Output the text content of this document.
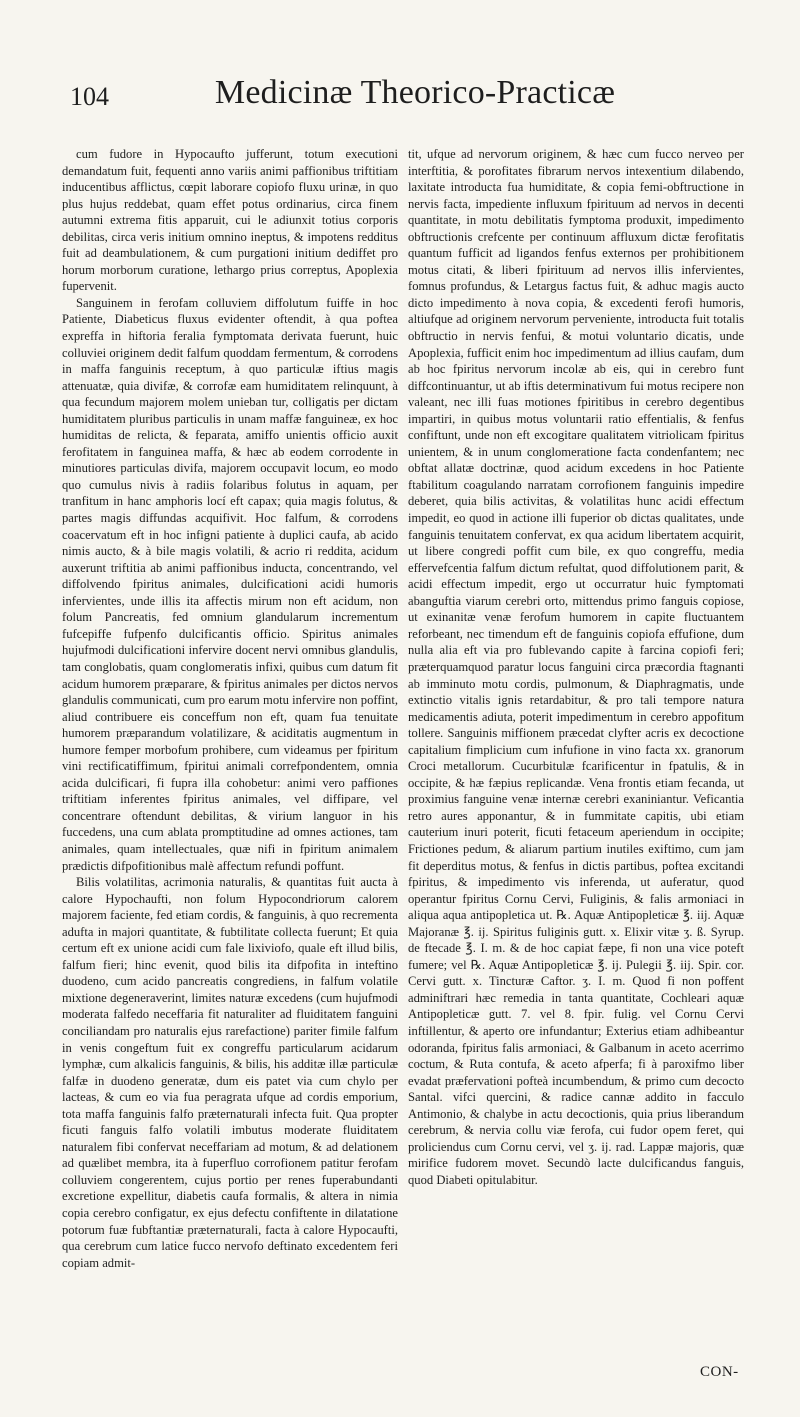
104	Medicinæ Theorico-Practicæ

cum fudore in Hypocaufto jufferunt, totum executioni demandatum fuit, fequenti anno variis animi paffionibus triftitiam inducentibus afflictus, cœpit laborare copiofo fluxu urinæ, in quo plus hujus reddebat, quam effet potus ordinarius, circa finem autumni extrema fitis apparuit, cui le adiunxit totius corporis debilitas, circa veris initium omnino ineptus, & impotens redditus fuit ad deambulationem, & cum purgationi initium dediffet pro horum morborum curatione, lethargo prius correptus, Apoplexia fupervenit.

Sanguinem in ferofam colluviem diffolutum fuiffe in hoc Patiente, Diabeticus fluxus evidenter oftendit, à qua poftea expreffa in hiftoria feralia fymptomata derivata fuerunt, huic colluviei originem dedit falfum quoddam fermentum, & corrodens in maffa fanguinis receptum, à quo particulæ iftius magis attenuatæ, quia divifæ, & corrofæ eam humiditatem relinquunt, à qua fecundum majorem molem unieban tur, colligatis per dictam humiditatem pluribus particulis in unam maffæ fanguineæ, ex hoc humiditas de relicta, & feparata, amiffo unientis officio auxit ferofitatem in fanguinea maffa, & hæc ab eodem corrodente in minutiores particulas divifa, majorem occupavit locum, eo modo quo cumulus nivis à radiis folaribus folutus in aquam, per tranfitum in hanc amphoris locí eft capax; quia magis folutus, & partes magis diffundas acquifivit. Hoc falfum, & corrodens coacervatum eft in hoc infigni patiente à duplici caufa, ab acido nimis aucto, & à bile magis volatili, & acrio ri reddita, acidum auxerunt triftitia ab animi paffionibus inducta, concentrando, vel diffolvendo fpiritus animales, dulcificationi acidi humoris infervientes, unde illis ita affectis mirum non eft acidum, non folum Pancreatis, fed omnium glandularum incrementum fufcepiffe fufpenfo dulcificantis officio. Spiritus animales hujufmodi dulcificationi infervire docent nervi omnibus glandulis, tam conglobatis, quam conglomeratis infixi, quibus cum datum fit acidum humorem præparare, & fpiritus animales per dictos nervos glandulis communicati, cum pro earum motu infervire non poffint, aliud contribuere eis conceffum non eft, quam fua tenuitate humorem præparandum volatilizare, & aciditatis augmentum in humore femper morbofum prohibere, cum videamus per fpiritum vini rectificatiffimum, fpiritui animali correfpondentem, omnia acida dulcificari, fi fupra illa cohobetur: animi vero paffiones triftitiam inferentes fpiritus animales, vel diffipare, vel concentrare oftendunt debilitas, & virium languor in his fuccedens, una cum ablata promptitudine ad omnes actiones, tam animales, quam intellectuales, quæ nifi in fpiritum animalem prædictis difpofitionibus malè affectum refundi poffunt.

Bilis volatilitas, acrimonia naturalis, & quantitas fuit aucta à calore Hypochaufti, non folum Hypocondriorum calorem majorem faciente, fed etiam cordis, & fanguinis, à quo recrementa adufta in majori quantitate, & fubtilitate collecta fuerunt; Et quia certum eft ex unione acidi cum fale lixiviofo, quale eft illud bilis, falfum fieri; hinc evenit, quod bilis ita difpofita in inteftino duodeno, cum acido pancreatis congrediens, in falfum volatile mixtione degeneraverint, limites naturæ excedens (cum hujufmodi moderata falfedo neceffaria fit naturaliter ad fluiditatem fanguini conciliandam pro naturalis ejus rarefactione) pariter fimile falfum in venis congeftum fuit ex congreffu particularum acidarum lymphæ, cum alkalicis fanguinis, & bilis, his additæ illæ particulæ falfæ in duodeno generatæ, dum eis patet via cum chylo per lacteas, & cum eo via fua peragrata ufque ad cordis emporium, tota maffa fanguinis falfo præternaturali infecta fuit. Qua propter ficuti fanguis falfo volatili imbutus moderate fluiditatem naturalem fibi confervat neceffariam ad motum, & ad delationem ad quælibet membra, ita à fuperfluo corrofionem patitur ferofam colluviem congerentem, cujus portio per renes fuperabundanti excretione expellitur, diabetis caufa formalis, & altera in nimia copia cerebro configatur, ex ejus defectu confiftente in dilatatione potorum fuæ fubftantiæ præternaturali, facta à calore Hypocaufti, qua cerebrum cum latice fucco nervofo deftinato excedentem feri copiam admit-

tit, ufque ad nervorum originem, & hæc cum fucco nerveo per interftitia, & porofitates fibrarum nervos intexentium dilabendo, laxitate introducta fua humiditate, & copia femi-obftructione in nervis facta, impediente influxum fpirituum ad nervos in decenti quantitate, in motu debilitatis fymptoma produxit, impedimento obftructionis crefcente per continuum affluxum dictæ ferofitatis quantum fufficit ad ligandos fenfus externos per prohibitionem motus citati, & liberi fpirituum ad nervos illis infervientes, fomnus profundus, & Letargus factus fuit, & adhuc magis aucto dicto impedimento à nova copia, & excedenti ferofi humoris, altiufque ad originem nervorum perveniente, introducta fuit totalis obftructio in nervis fenfui, & motui voluntario dicatis, unde Apoplexia, fufficit enim hoc impedimentum ad illius caufam, dum ab hoc fpiritus nervorum incolæ ab eis, qui in cerebro funt diffcontinuantur, ut ab iftis determinativum fui motus recipere non valeant, nec illi fuas motiones fpiritibus in cerebro degentibus impartiri, in quibus motus voluntarii ratio effentialis, & fenfus confiftunt, unde non eft excogitare qualitatem vitriolicam fpiritus unientem, & in unum conglomeratione facta condenfantem; nec obftat allatæ doctrinæ, quod acidum excedens in hoc Patiente ftabilitum coagulando narratam corrofionem fanguinis impedire deberet, quia bilis activitas, & volatilitas hunc acidi effectum impedit, eo quod in actione illi fuperior ob dictas qualitates, unde fanguinis tenuitatem confervat, ex qua acidum libertatem acquirit, ut libere congredi poffit cum bile, ex quo congreffu, media effervefcentia falfum dictum refultat, quod diffolutionem parit, & acidi effectum impedit, ergo ut occurratur huic fymptomati abanguftia viarum cerebri orto, mittendus primo fanguis copiose, ut exinanitæ venæ ferofum humorem in capite fluctuantem reforbeant, nec timendum eft de fanguinis copiofa effufione, dum nulla alia eft via pro fublevando capite à farcina copiofi feri; præterquamquod paratur locus fanguini circa præcordia ftagnanti ab imminuto motu cordis, pulmonum, & Diaphragmatis, unde extinctio vitalis ignis retardabitur, & pro tali tempore natura medicamentis adiuta, poterit impedimentum in cerebro appofitum tollere. Sanguinis miffionem præcedat clyfter acris ex decoctione capitalium fimplicium cum infufione in vino facta xx. granorum Croci metallorum. Cucurbitulæ fcarificentur in fpatulis, & in occipite, & hæ fæpius replicandæ. Vena frontis etiam fecanda, ut proximius fanguine venæ internæ cerebri exaniniantur. Veficantia retro aures apponantur, & in fummitate capitis, ubi etiam cauterium inuri poterit, ficuti fetaceum aperiendum in occipite; Frictiones pedum, & aliarum partium inutiles exiftimo, cum jam fit deperditus motus, & fenfus in dictis partibus, poftea excitandi fpiritus, & impedimento vis inferenda, ut auferatur, quod operantur fpiritus Cornu Cervi, Fuliginis, & falis armoniaci in aliqua aqua antipopletica ut. ℞. Aquæ Antipopleticæ ℥. iij. Aquæ Majoranæ ℥. ij. Spiritus fuliginis gutt. x. Elixir vitæ ʒ. ß. Syrup. de ftecade ℥. I. m. & de hoc capiat fæpe, fi non una vice poteft fumere; vel ℞. Aquæ Antipopleticæ ℥. ij. Pulegii ℥. iij. Spir. cor. Cervi gutt. x. Tincturæ Caftor. ʒ. I. m. Quod fi non poffent adminiftrari hæc remedia in tanta quantitate, Cochleari aquæ Antipopleticæ gutt. 7. vel 8. fpir. fulig. vel Cornu Cervi inftillentur, & aperto ore infundantur; Exterius etiam adhibeantur odoranda, fpiritus falis armoniaci, & Galbanum in aceto acerrimo coctum, & Ruta contufa, & aceto afperfa; fi à paroxifmo liber evadat præfervationi pofteà incumbendum, & primo cum decocto Santal. vifci quercini, & radice cannæ addito in facculo Antimonio, & chalybe in actu decoctionis, quia prius liberandum cerebrum, & nervia collu viæ ferofa, cui fudor opem feret, qui proliciendus cum Cornu cervi, vel ʒ. ij. rad. Lappæ majoris, quæ mirifice fudorem movet. Secundò lacte dulcificandus fanguis, quod Diabeti opitulabitur.

CON-
